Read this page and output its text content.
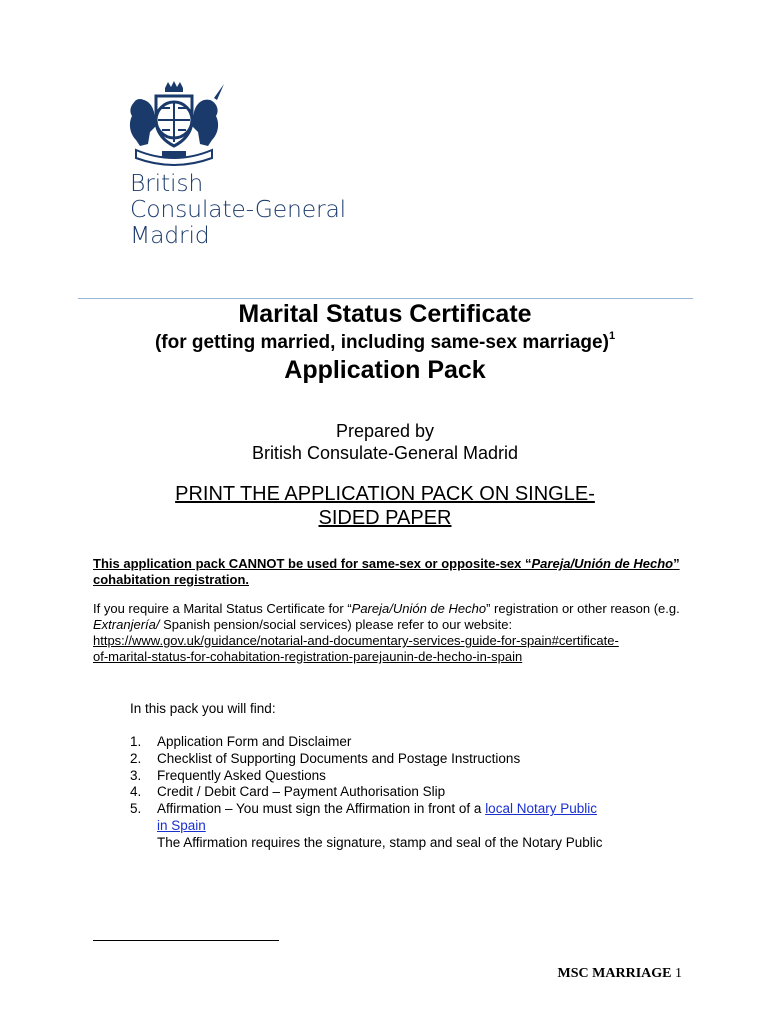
British
Consulate-General
Madrid
Marital Status Certificate
(for getting married, including same-sex marriage)$^1$
Application Pack
Prepared by
British Consulate-General Madrid
PRINT THE APPLICATION PACK ON SINGLE-
SIDED PAPER
This application pack CANNOT be used for same-sex or opposite-sex “Pareja/Unión de Hecho” cohabitation registration.
If you require a Marital Status Certificate for “Pareja/Unión de Hecho” registration or other reason (e.g. Extranjería/ Spanish pension/social services) please refer to our website:
https://www.gov.uk/guidance/notarial-and-documentary-services-guide-for-spain#certificate-
of-marital-status-for-cohabitation-registration-parejaunin-de-hecho-in-spain
In this pack you will find:
1.	Application Form and Disclaimer
2.	Checklist of Supporting Documents and Postage Instructions
3.	Frequently Asked Questions
4.	Credit / Debit Card – Payment Authorisation Slip
5.	Affirmation – You must sign the Affirmation in front of a local Notary Public
in Spain
The Affirmation requires the signature, stamp and seal of the Notary Public
MSC MARRIAGE 1
